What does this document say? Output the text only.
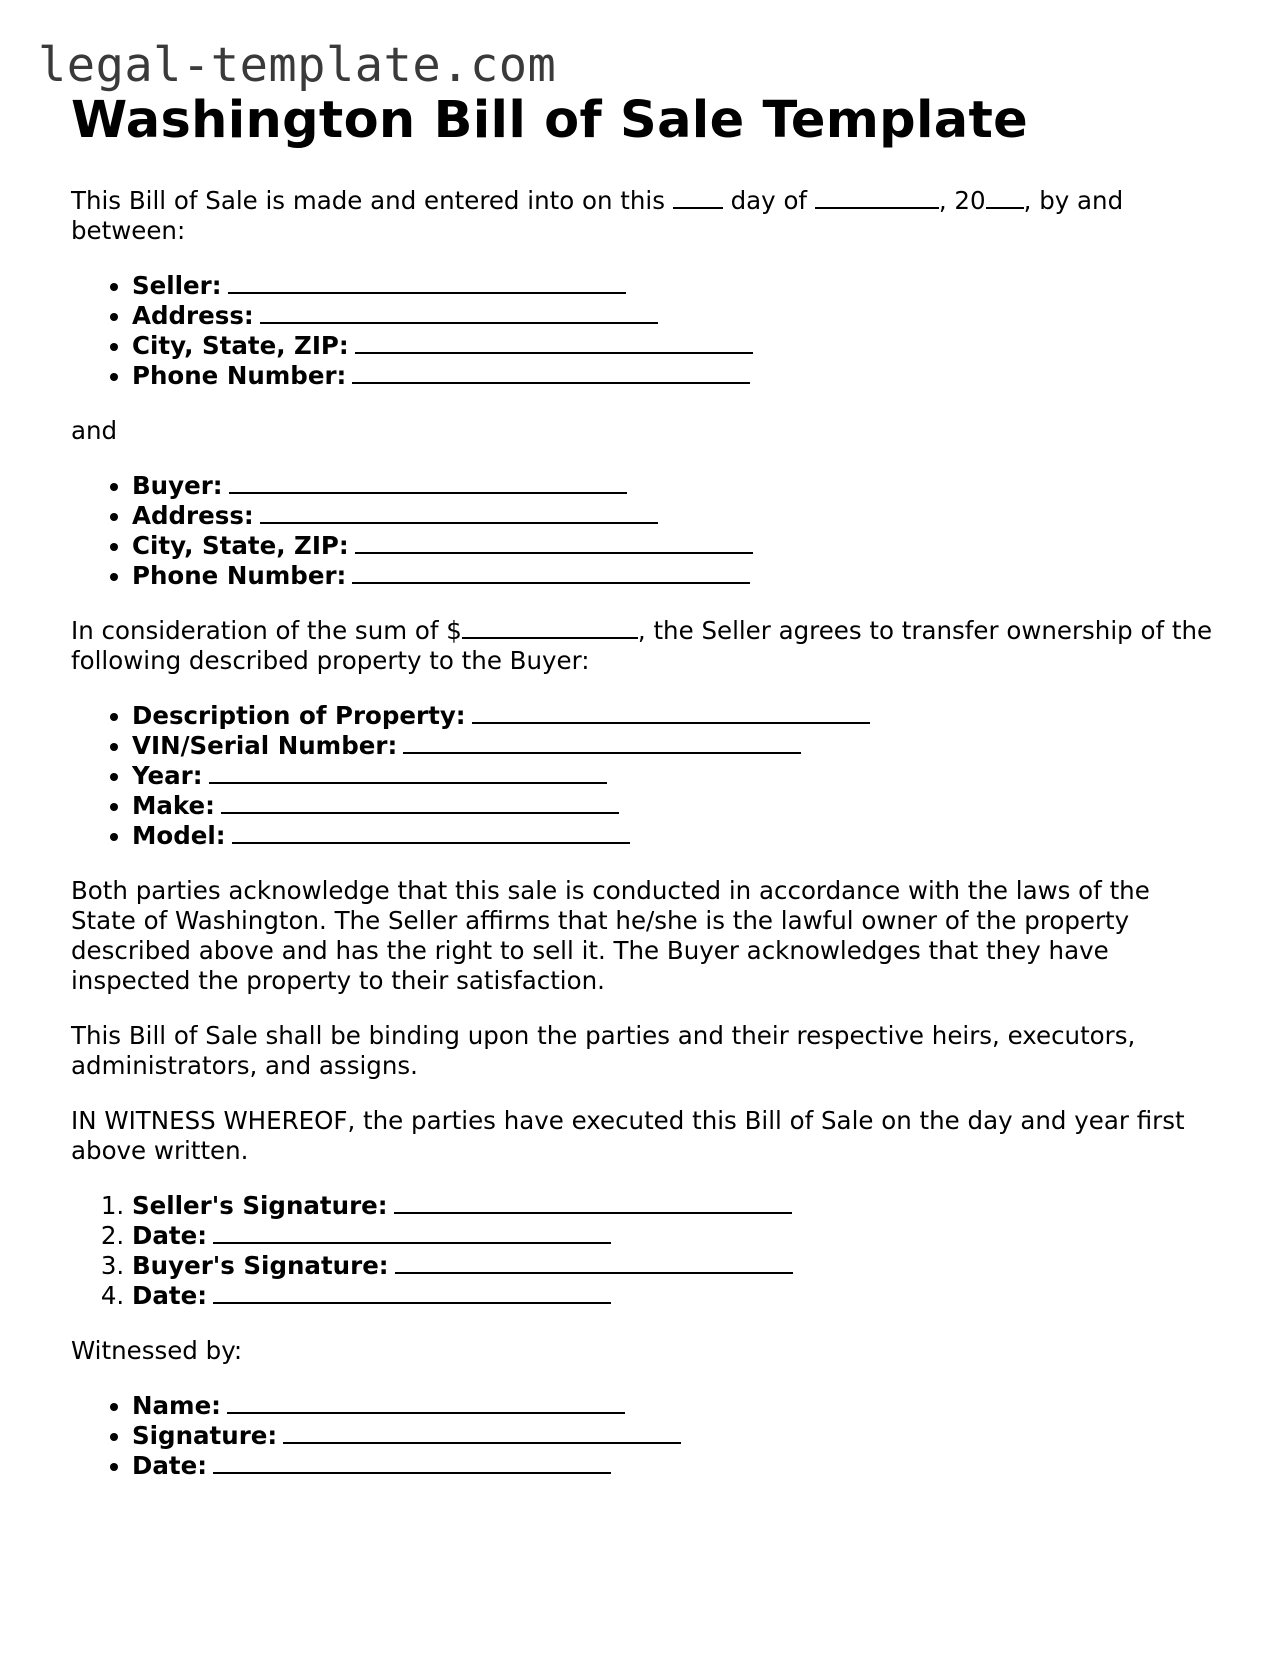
legal-template.com
Washington Bill of Sale Template

This Bill of Sale is made and entered into on this	day of	, 20 , by and between:

• Seller:
• Address:
• City, State, ZIP:
• Phone Number:

and

• Buyer:
• Address:
• City, State, ZIP:
• Phone Number:

In consideration of the sum of $	, the Seller agrees to transfer ownership of the following described property to the Buyer:

• Description of Property:
• VIN/Serial Number:
• Year:
• Make:
• Model:

Both parties acknowledge that this sale is conducted in accordance with the laws of the State of Washington. The Seller affirms that he/she is the lawful owner of the property described above and has the right to sell it. The Buyer acknowledges that they have inspected the property to their satisfaction.

This Bill of Sale shall be binding upon the parties and their respective heirs, executors, administrators, and assigns.

IN WITNESS WHEREOF, the parties have executed this Bill of Sale on the day and year first above written.

1. Seller's Signature:
2. Date:
3. Buyer's Signature:
4. Date:

Witnessed by:

• Name:
• Signature:
• Date:
